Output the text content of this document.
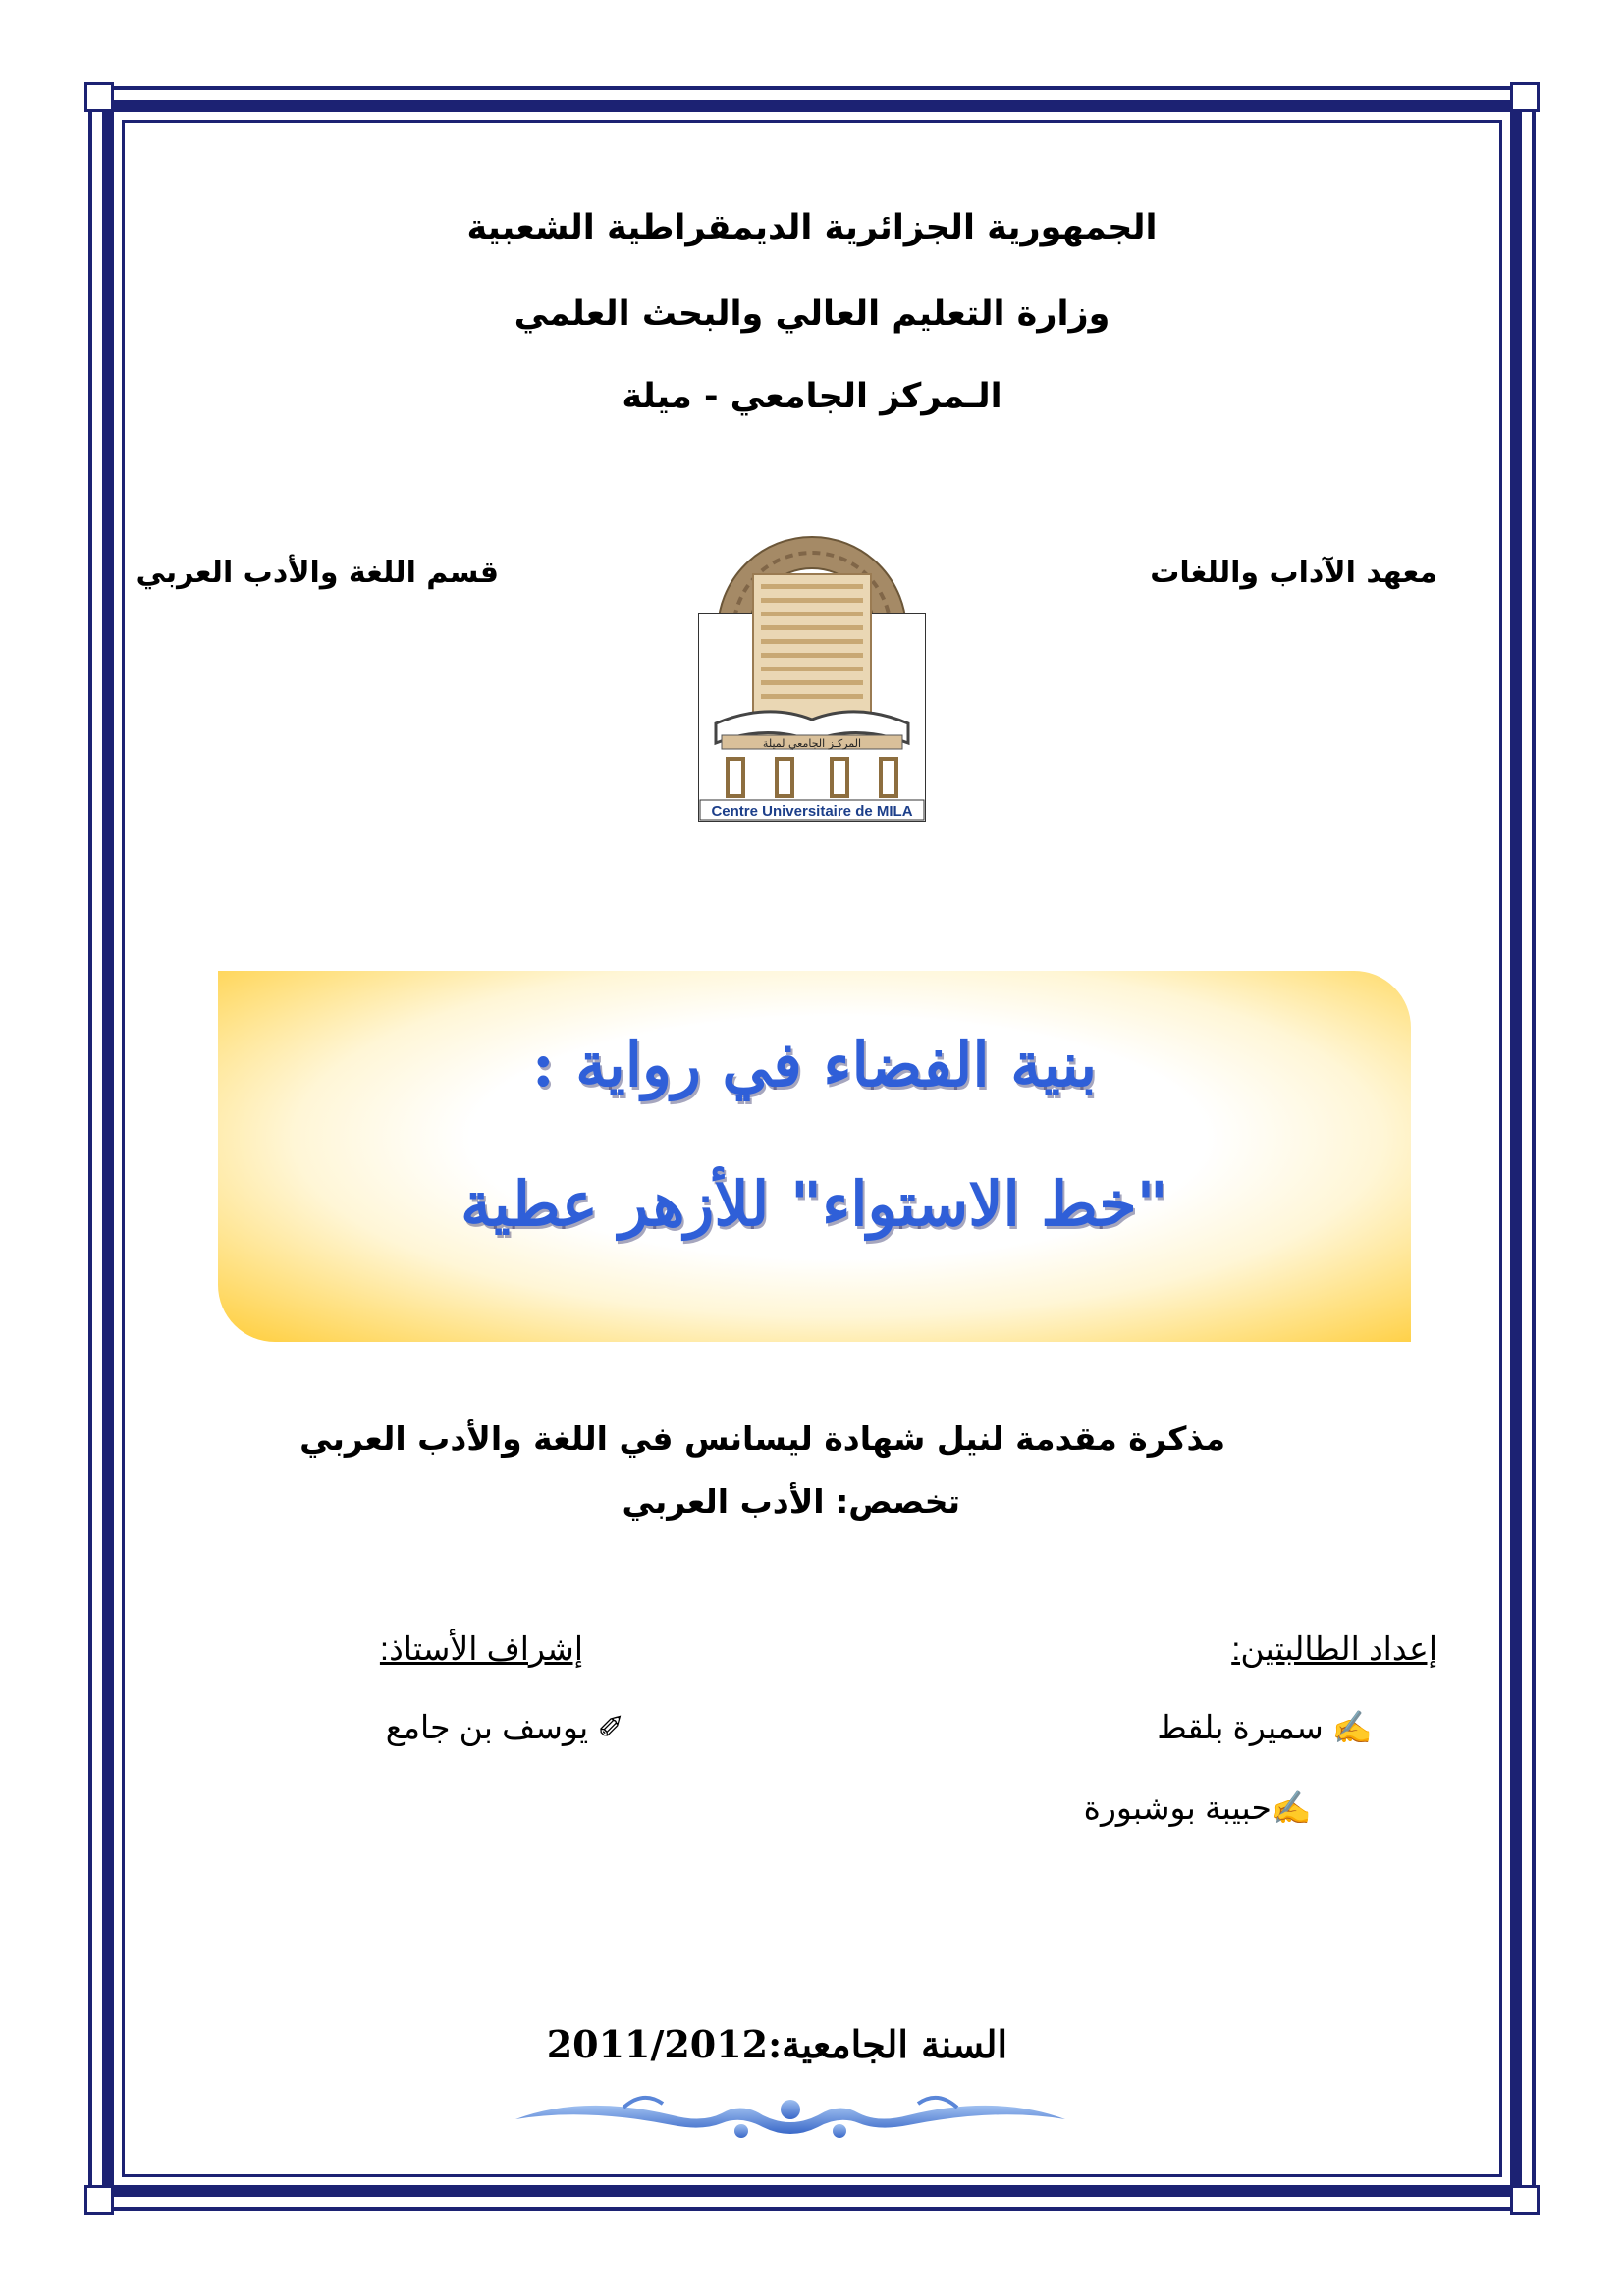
الجمهورية الجزائرية الديمقراطية الشعبية
وزارة التعليم العالي والبحث العلمي
الـمركز الجامعي - ميلة
معهد الآداب واللغات
قسم اللغة والأدب العربي
المركـز الجامعي لميلة
Centre Universitaire de MILA
بنية الفضاء في رواية :
"خط الاستواء" للأزهر عطية
مذكرة مقدمة لنيل شهادة ليسانس في اللغة والأدب العربي
تخصص: الأدب العربي
إعداد الطالبتين:
إشراف الأستاذ:
✍ سميرة بلقط
✐ يوسف بن جامع
✍حبيبة بوشبورة
السنة الجامعية:2011/2012
